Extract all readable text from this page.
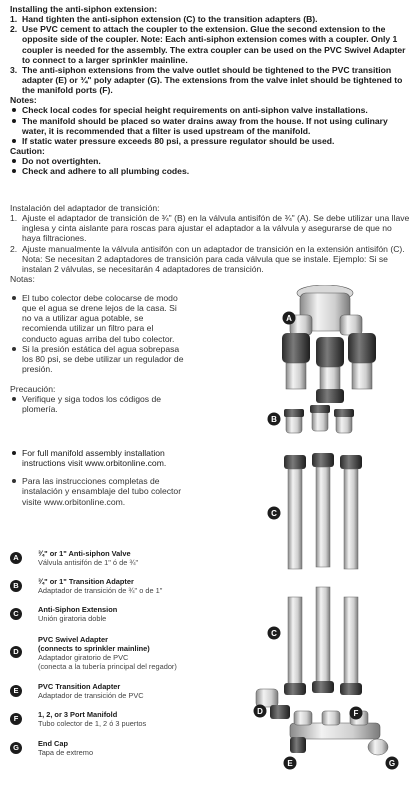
Installing the anti-siphon extension:
1. Hand tighten the anti-siphon extension (C) to the transition adapters (B).
2. Use PVC cement to attach the coupler to the extension. Glue the second extension to the opposite side of the coupler. Note: Each anti-siphon extension comes with a coupler. Only 1 coupler is needed for the assembly. The extra coupler can be used on the PVC Swivel Adapter to connect to a larger sprinkler mainline.
3. The anti-siphon extensions from the valve outlet should be tightened to the PVC transition adapter (E) or ¾" poly adapter (G). The extensions from the valve inlet should be tightened to the manifold ports (F).
Notes:
Check local codes for special height requirements on anti-siphon valve installations.
The manifold should be placed so water drains away from the house. If not using culinary water, it is recommended that a filter is used upstream of the manifold.
If static water pressure exceeds 80 psi, a pressure regulator should be used.
Caution:
Do not overtighten.
Check and adhere to all plumbing codes.
Instalación del adaptador de transición:
1. Ajuste el adaptador de transición de ¾" (B) en la válvula antisifón de ¾" (A). Se debe utilizar una llave inglesa y cinta aislante para roscas para ajustar el adaptador a la válvula y asegurarse de que no haya filtraciones.
2. Ajuste manualmente la válvula antisifón con un adaptador de transición en la extensión antisifón (C). Nota: Se necesitan 2 adaptadores de transición para cada válvula que se instale. Ejemplo: Si se instalan 2 válvulas, se necesitarán 4 adaptadores de transición.
Notas:
El tubo colector debe colocarse de modo que el agua se drene lejos de la casa. Si no va a utilizar agua potable, se recomienda utilizar un filtro para el conducto aguas arriba del tubo colector.
Si la presión estática del agua sobrepasa los 80 psi, se debe utilizar un regulador de presión.
Precaución:
Verifique y siga todos los códigos de plomería.
For full manifold assembly installation instructions visit www.orbitonline.com.
Para las instrucciones completas de instalación y ensamblaje del tubo colector visite www.orbitonline.com.
A	¾" or 1" Anti-siphon Valve
Válvula antisifón de 1" ó de ¾"
B	¾" or 1" Transition Adapter
Adaptador de transición de ¾" o de 1"
C	Anti-Siphon Extension
Unión giratoria doble
D
PVC Swivel Adapter
(connects to sprinkler mainline)
Adaptador giratorio de PVC
(conecta a la tubería principal del regador)
E	PVC Transition Adapter
Adaptador de transición de PVC
F	1, 2, or 3 Port Manifold
Tubo colector de 1, 2 ó 3 puertos
G	End Cap
Tapa de extremo
A
B
C
C
D
E
F
G
